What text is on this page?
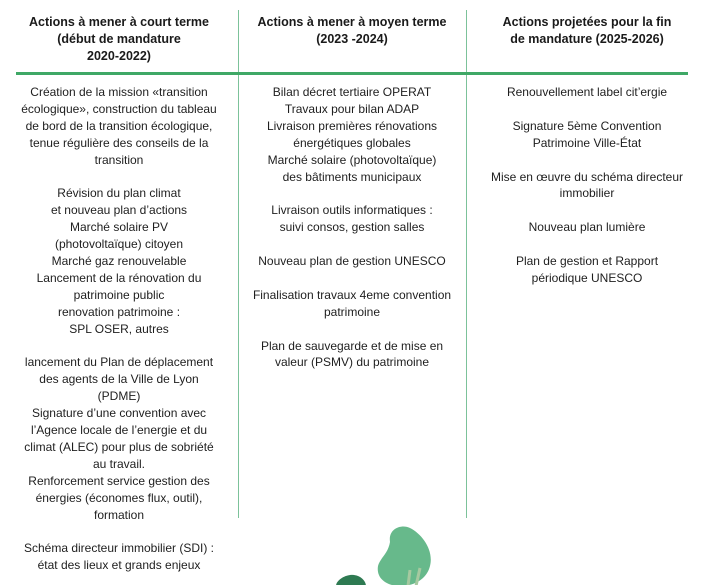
Actions à mener à court terme
(début de mandature
2020-2022)
Actions à mener à moyen terme
(2023 -2024)
Actions projetées pour la fin
de mandature (2025-2026)

Création de la mission «transition
écologique», construction du tableau
de bord de la transition écologique,
tenue régulière des conseils de la
transition

Révision du plan climat
et nouveau plan d’actions
Marché solaire PV
(photovoltaïque) citoyen
Marché gaz renouvelable
Lancement de la rénovation du
patrimoine public
renovation patrimoine :
SPL OSER, autres

lancement du Plan de déplacement
des agents de la Ville de Lyon
(PDME)
Signature d’une convention avec
l’Agence locale de l’energie et du
climat (ALEC) pour plus de sobriété
au travail.
Renforcement service gestion des
énergies (économes flux, outil),
formation

Schéma directeur immobilier (SDI) :
état des lieux et grands enjeux

Bilan décret tertiaire OPERAT
Travaux pour bilan ADAP
Livraison premières rénovations
énergétiques globales
Marché solaire (photovoltaïque)
des bâtiments municipaux

Livraison outils informatiques :
suivi consos, gestion salles

Nouveau plan de gestion UNESCO

Finalisation travaux 4eme convention
patrimoine

Plan de sauvegarde et de mise en
valeur (PSMV) du patrimoine

Renouvellement label cit’ergie

Signature 5ème Convention
Patrimoine Ville-État

Mise en œuvre du schéma directeur
immobilier

Nouveau plan lumière

Plan de gestion et Rapport
périodique UNESCO
